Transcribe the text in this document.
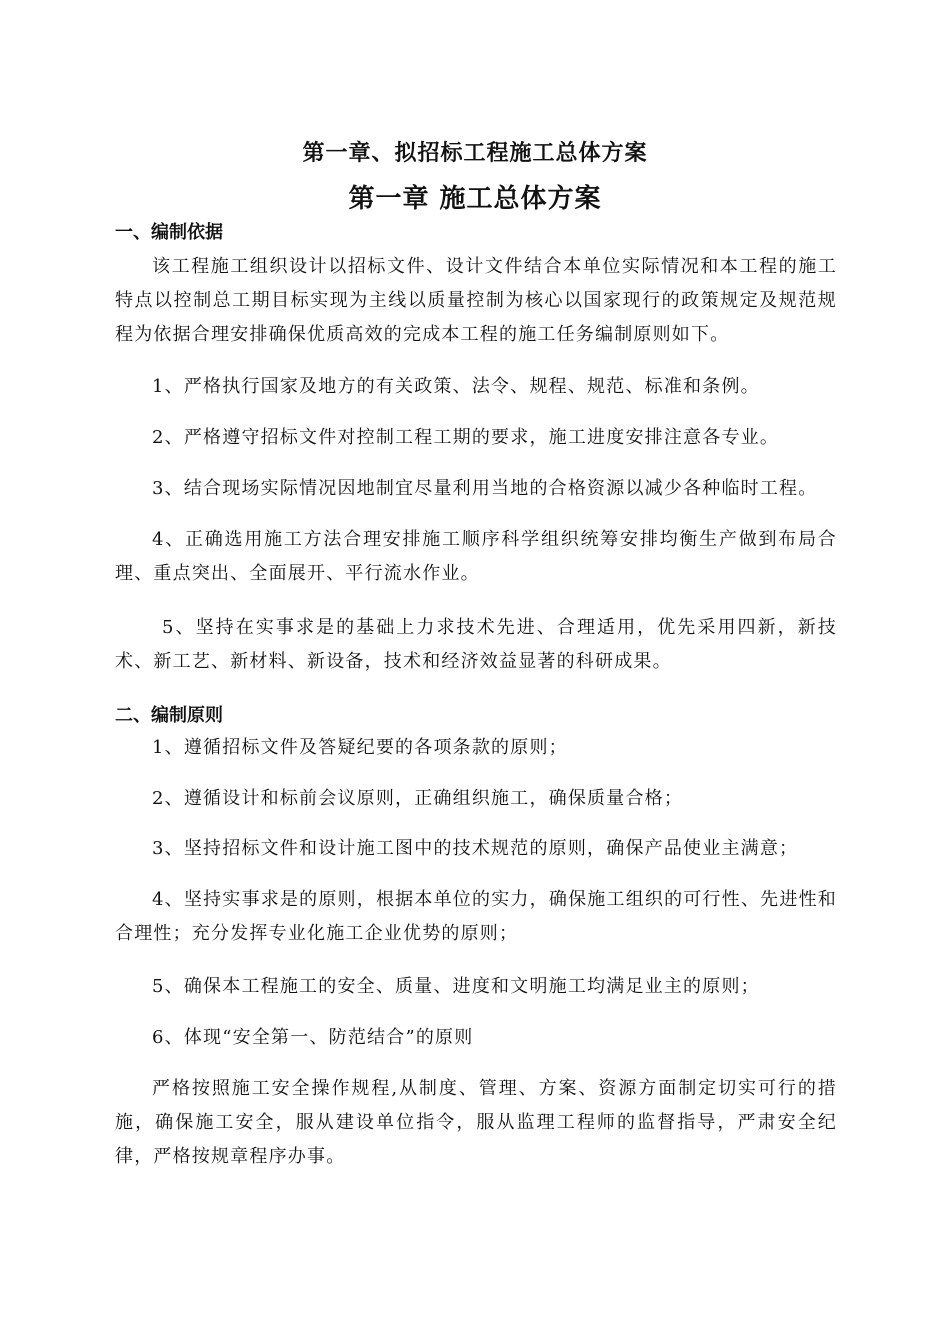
第一章、拟招标工程施工总体方案
第一章 施工总体方案
一、编制依据
该工程施工组织设计以招标文件、设计文件结合本单位实际情况和本工程的施工特点以控制总工期目标实现为主线以质量控制为核心以国家现行的政策规定及规范规程为依据合理安排确保优质高效的完成本工程的施工任务编制原则如下。
1、严格执行国家及地方的有关政策、法令、规程、规范、标准和条例。
2、严格遵守招标文件对控制工程工期的要求，施工进度安排注意各专业。
3、结合现场实际情况因地制宜尽量利用当地的合格资源以减少各种临时工程。
4、正确选用施工方法合理安排施工顺序科学组织统筹安排均衡生产做到布局合理、重点突出、全面展开、平行流水作业。
5、坚持在实事求是的基础上力求技术先进、合理适用，优先采用四新，新技术、新工艺、新材料、新设备，技术和经济效益显著的科研成果。
二、编制原则
1、遵循招标文件及答疑纪要的各项条款的原则；
2、遵循设计和标前会议原则，正确组织施工，确保质量合格；
3、坚持招标文件和设计施工图中的技术规范的原则，确保产品使业主满意；
4、坚持实事求是的原则，根据本单位的实力，确保施工组织的可行性、先进性和合理性；充分发挥专业化施工企业优势的原则；
5、确保本工程施工的安全、质量、进度和文明施工均满足业主的原则；
6、体现“安全第一、防范结合”的原则
严格按照施工安全操作规程,从制度、管理、方案、资源方面制定切实可行的措施，确保施工安全，服从建设单位指令，服从监理工程师的监督指导，严肃安全纪律，严格按规章程序办事。
